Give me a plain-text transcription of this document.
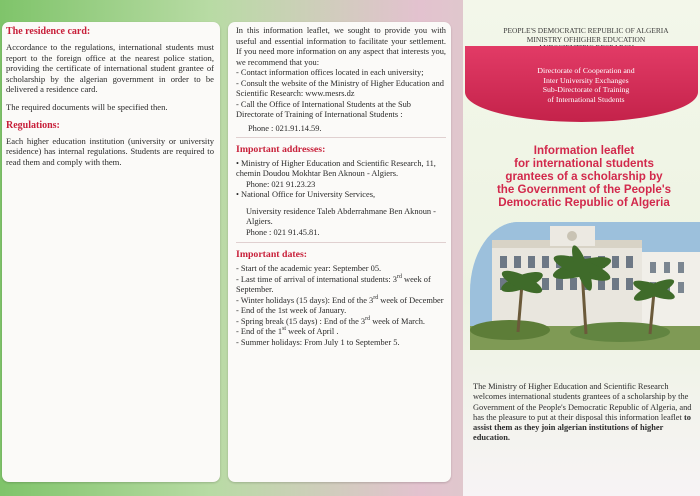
The residence card:
Accordance to the regulations, international students must report to the foreign office at the nearest police station, providing the certificate of international student grantee of scholarship by the algerian government in order to be delivered a residence card.
The required documents will be specified then.
Regulations:
Each higher education institution (university or university residence) has internal regulations. Students are required to read them and comply with them.
In this information leaflet, we sought to provide you with useful and essential information to facilitate your settlement. If you need more information on any aspect that interests you, we recommend that you:
- Contact information offices located in each university;
- Consult the website of the Ministry of Higher Education and Scientific Research: www.mesrs.dz
- Call the Office of International Students at the Sub Directorate of Training of International Students :
Phone : 021.91.14.59.
Important addresses:
• Ministry of Higher Education and Scientific Research, 11, chemin Doudou Mokhtar Ben Aknoun - Algiers.
Phone: 021 91.23.23
• National Office for University Services,
University residence Taleb Abderrahmane Ben Aknoun - Algiers.
Phone : 021 91.45.81.
Important dates:
- Start of the academic year: September 05.
- Last time of arrival of international students: 3rd week of September.
- Winter holidays (15 days): End of the 3rd week of December - End of the 1st week of January.
- Spring break (15 days) : End of the 3rd week of March.
- End of the 1st week of April .
- Summer holidays: From July 1 to September 5.
PEOPLE'S DEMOCRATIC REPUBLIC OF ALGERIA
MINISTRY OFHIGHER EDUCATION
Directorate of Cooperation and
Inter University Exchanges
Sub-Directorate of Training
of International Students
Information leaflet
for international students
grantees of a scholarship by
the Government of the People's
Democratic Republic of Algeria
The Ministry of Higher Education and Scientific Research welcomes international students grantees of a scholarship by the Government of the People's Democratic Republic of Algeria, and has the pleasure to put at their disposal this information leaflet to assist them as they join algerian institutions of higher education.
